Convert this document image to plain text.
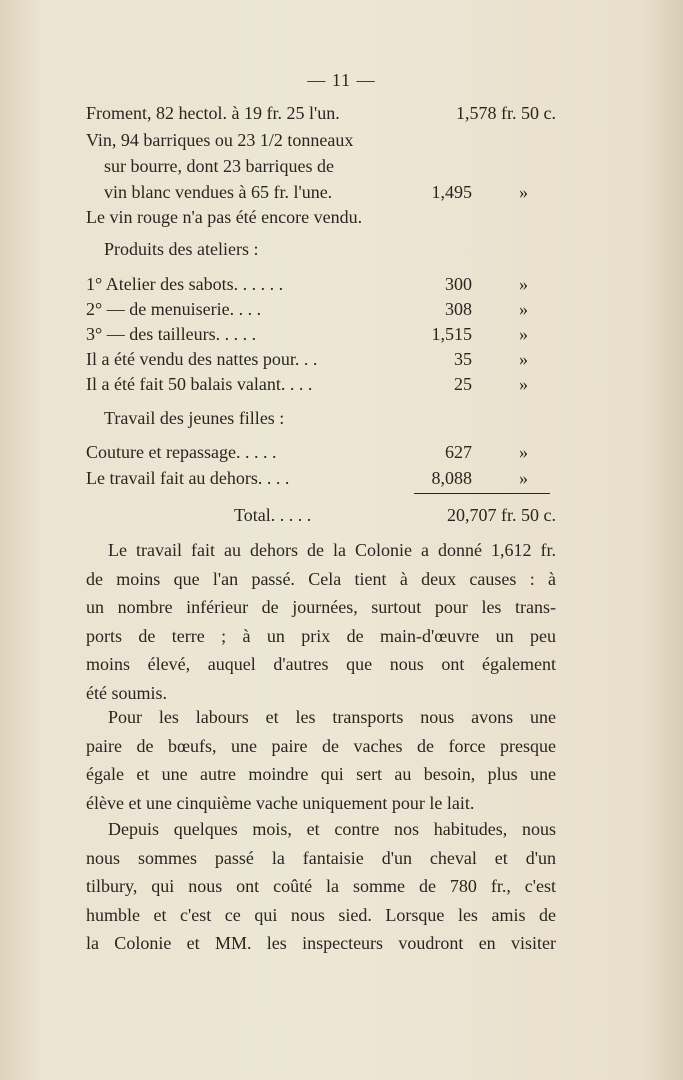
— 11 —
Froment, 82 hectol. à 19 fr. 25 l'un.	1,578 fr. 50 c.
Vin, 94 barriques ou 23 1/2 tonneaux
sur bourre, dont 23 barriques de
vin blanc vendues à 65 fr. l'une.	1,495	»
Le vin rouge n'a pas été encore vendu.
Produits des ateliers :
1° Atelier des sabots. . . . . .	300	»
2° — de menuiserie. . . .	308	»
3° — des tailleurs. . . . .	1,515	»
Il a été vendu des nattes pour. . .	35	»
Il a été fait 50 balais valant. . . .	25	»
Travail des jeunes filles :
Couture et repassage. . . . .	627	»
Le travail fait au dehors. . . .	8,088	»
Total. . . . .	20,707 fr. 50 c.
Le travail fait au dehors de la Colonie a donné 1,612 fr.
de moins que l'an passé. Cela tient à deux causes : à
un nombre inférieur de journées, surtout pour les trans-
ports de terre ; à un prix de main-d'œuvre un peu
moins élevé, auquel d'autres que nous ont également
été soumis.
Pour les labours et les transports nous avons une
paire de bœufs, une paire de vaches de force presque
égale et une autre moindre qui sert au besoin, plus une
élève et une cinquième vache uniquement pour le lait.
Depuis quelques mois, et contre nos habitudes, nous
nous sommes passé la fantaisie d'un cheval et d'un
tilbury, qui nous ont coûté la somme de 780 fr., c'est
humble et c'est ce qui nous sied. Lorsque les amis de
la Colonie et MM. les inspecteurs voudront en visiter
